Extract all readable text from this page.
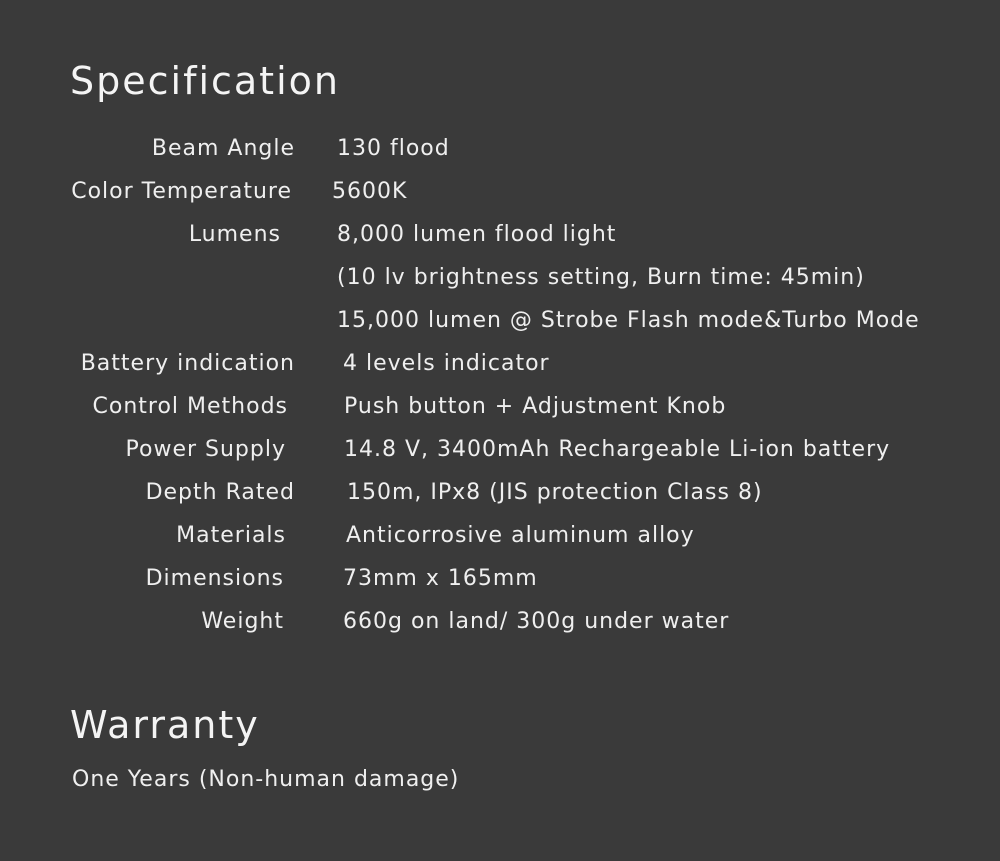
Specification
Beam Angle 130 flood
Color Temperature 5600K
Lumens	8,000 lumen flood light
(10 lv brightness setting, Burn time: 45min)
15,000 lumen @ Strobe Flash mode&Turbo Mode
Battery indication 4 levels indicator
Control Methods	Push button + Adjustment Knob
Power Supply	14.8 V, 3400mAh Rechargeable Li-ion battery
Depth Rated 150m, IPx8 (JIS protection Class 8)
Materials	Anticorrosive aluminum alloy
Dimensions	73mm x 165mm
Weight	660g on land/ 300g under water
Warranty
One Years (Non-human damage)
